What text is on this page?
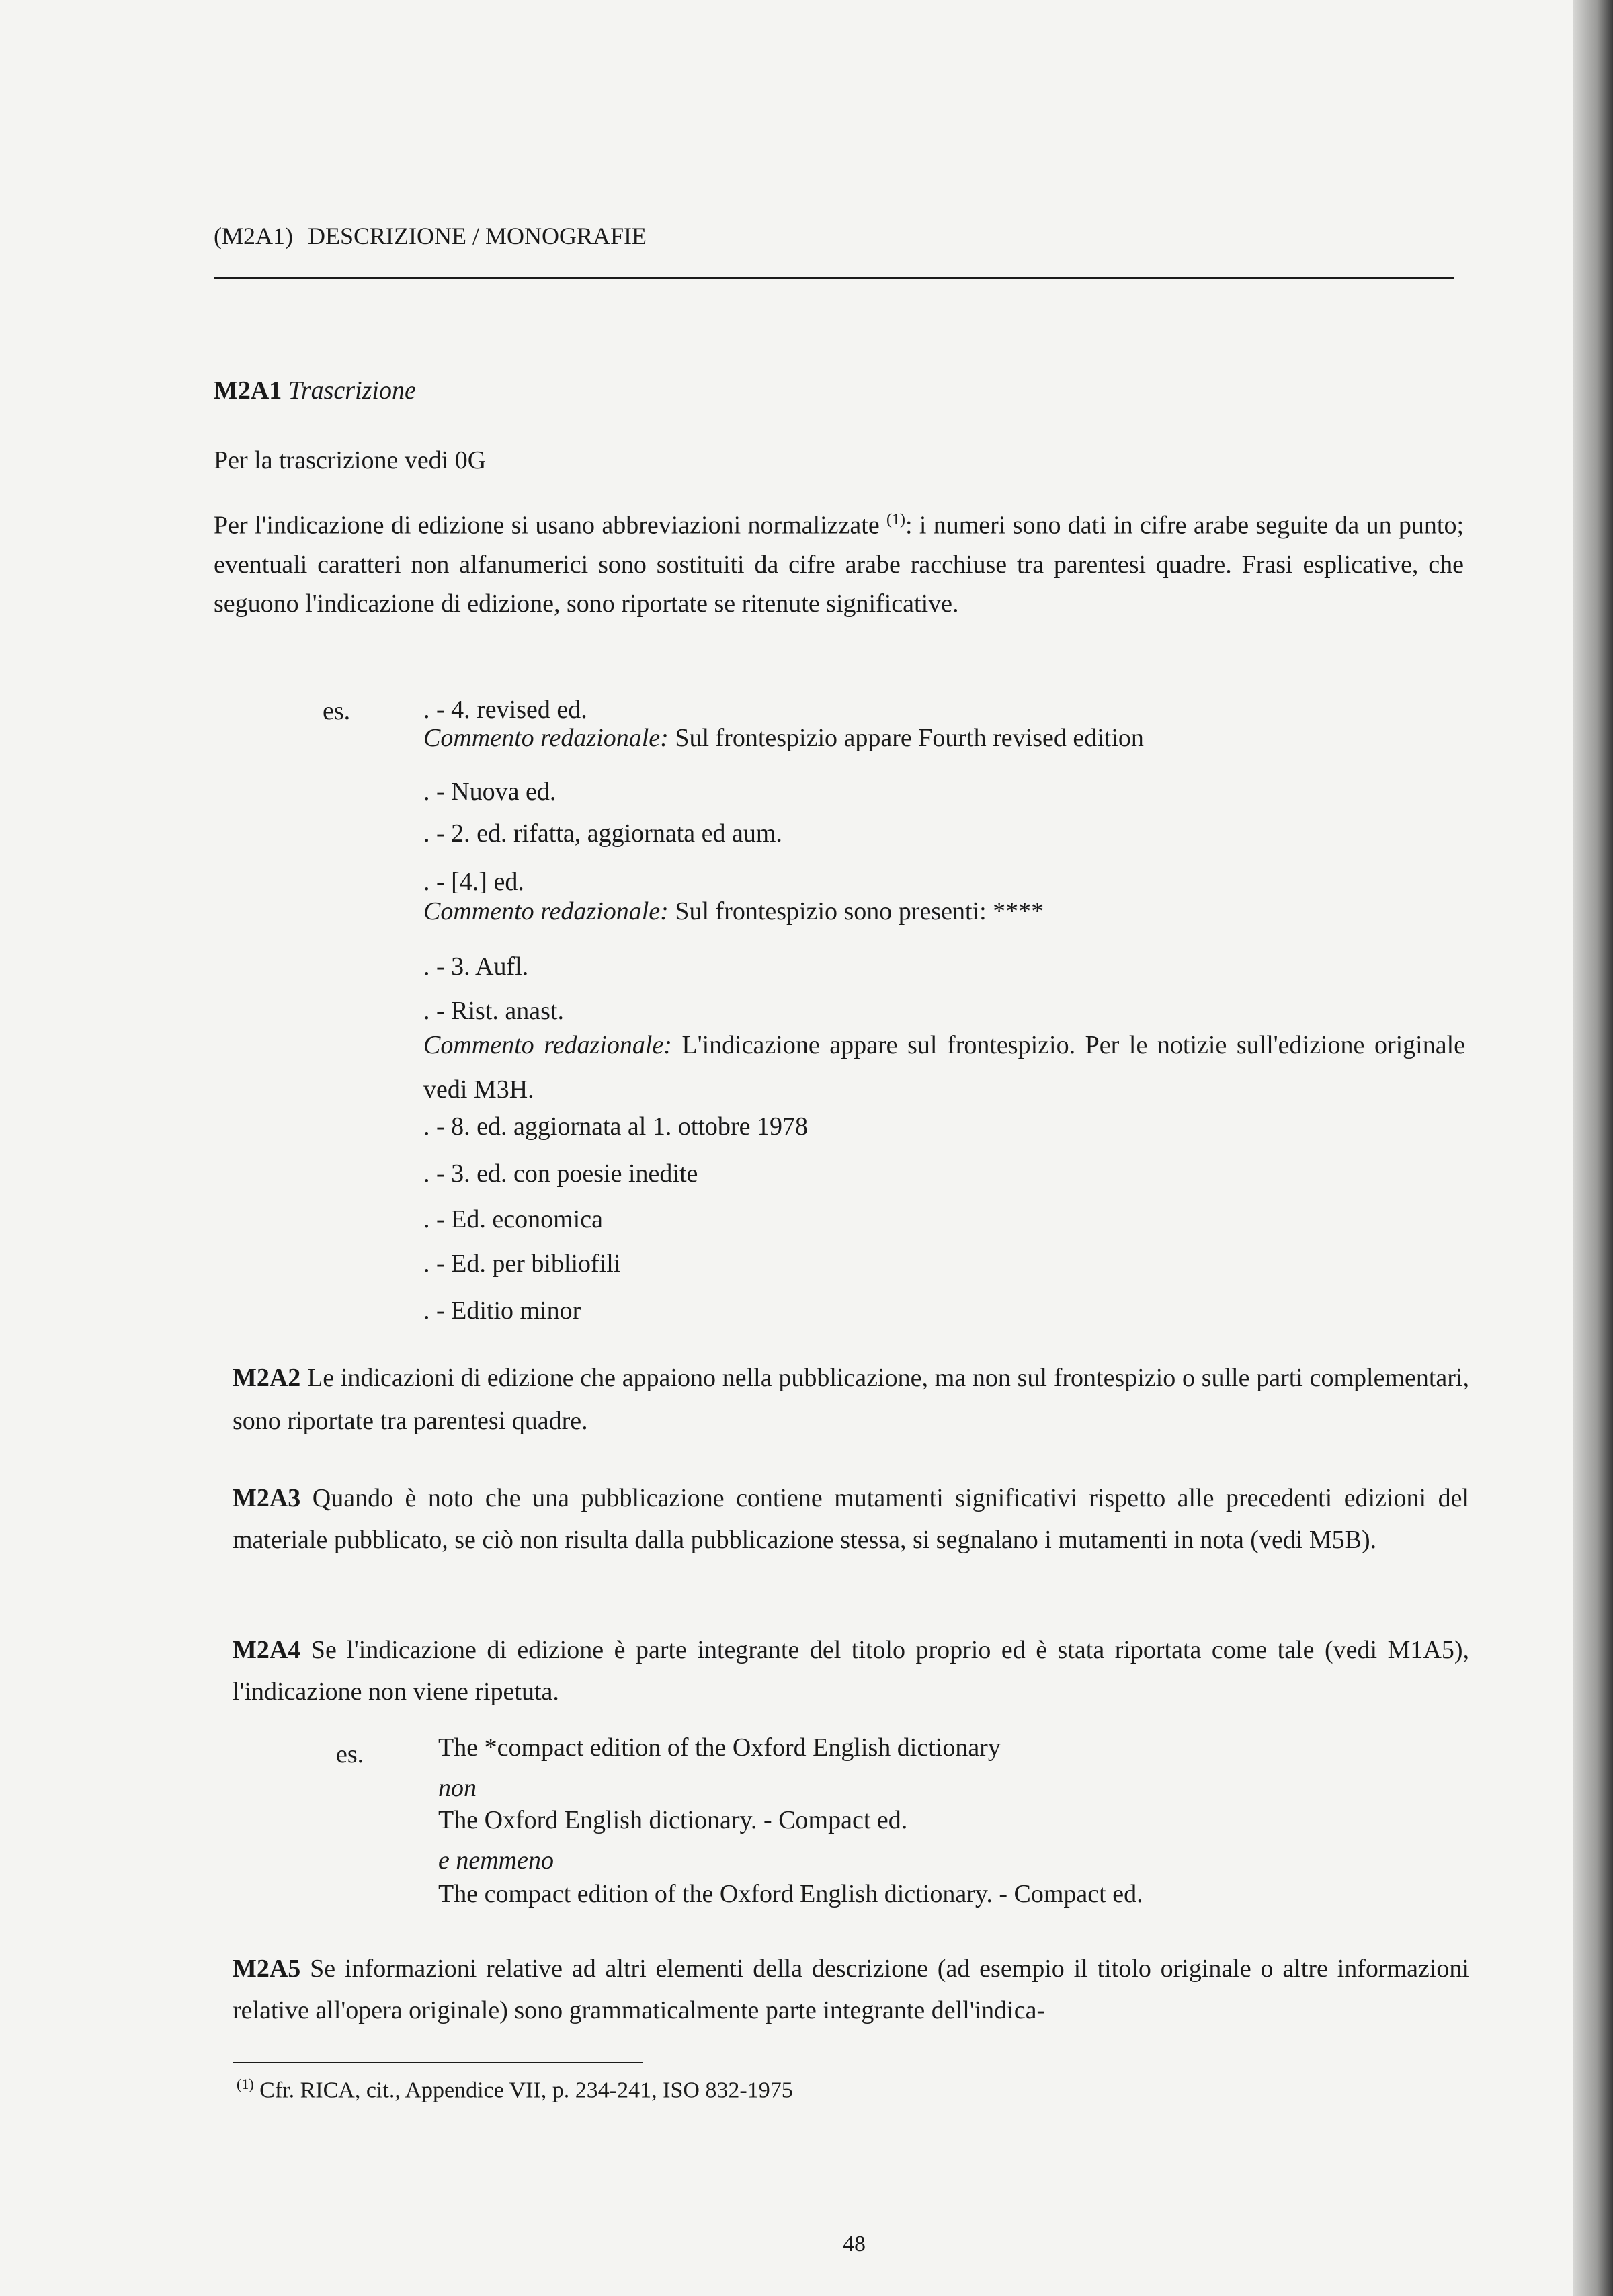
(M2A1) DESCRIZIONE / MONOGRAFIE
M2A1 Trascrizione
Per la trascrizione vedi 0G
Per l'indicazione di edizione si usano abbreviazioni normalizzate $^{(1)}$: i numeri sono dati in cifre arabe seguite da un punto; eventuali caratteri non alfanumerici sono sostituiti da cifre arabe racchiuse tra parentesi quadre. Frasi esplicative, che seguono l'indicazione di edizione, sono riportate se ritenute significative.
es.	. - 4. revised ed.
Commento redazionale: Sul frontespizio appare Fourth revised edition
. - Nuova ed.
. - 2. ed. rifatta, aggiornata ed aum.
. - [4.] ed.
Commento redazionale: Sul frontespizio sono presenti: ****
. - 3. Aufl.
. - Rist. anast.
Commento redazionale: L'indicazione appare sul frontespizio. Per le notizie sull'edizione originale vedi M3H.
. - 8. ed. aggiornata al 1. ottobre 1978
. - 3. ed. con poesie inedite
. - Ed. economica
. - Ed. per bibliofili
. - Editio minor
M2A2 Le indicazioni di edizione che appaiono nella pubblicazione, ma non sul frontespizio o sulle parti complementari, sono riportate tra parentesi quadre.
M2A3 Quando è noto che una pubblicazione contiene mutamenti significativi rispetto alle precedenti edizioni del materiale pubblicato, se ciò non risulta dalla pubblicazione stessa, si segnalano i mutamenti in nota (vedi M5B).
M2A4 Se l'indicazione di edizione è parte integrante del titolo proprio ed è stata riportata come tale (vedi M1A5), l'indicazione non viene ripetuta.
es.	The *compact edition of the Oxford English dictionary
non
The Oxford English dictionary. - Compact ed.
e nemmeno
The compact edition of the Oxford English dictionary. - Compact ed.
M2A5 Se informazioni relative ad altri elementi della descrizione (ad esempio il titolo originale o altre informazioni relative all'opera originale) sono grammaticalmente parte integrante dell'indica-
$^{(1)}$ Cfr. RICA, cit., Appendice VII, p. 234-241, ISO 832-1975
48
